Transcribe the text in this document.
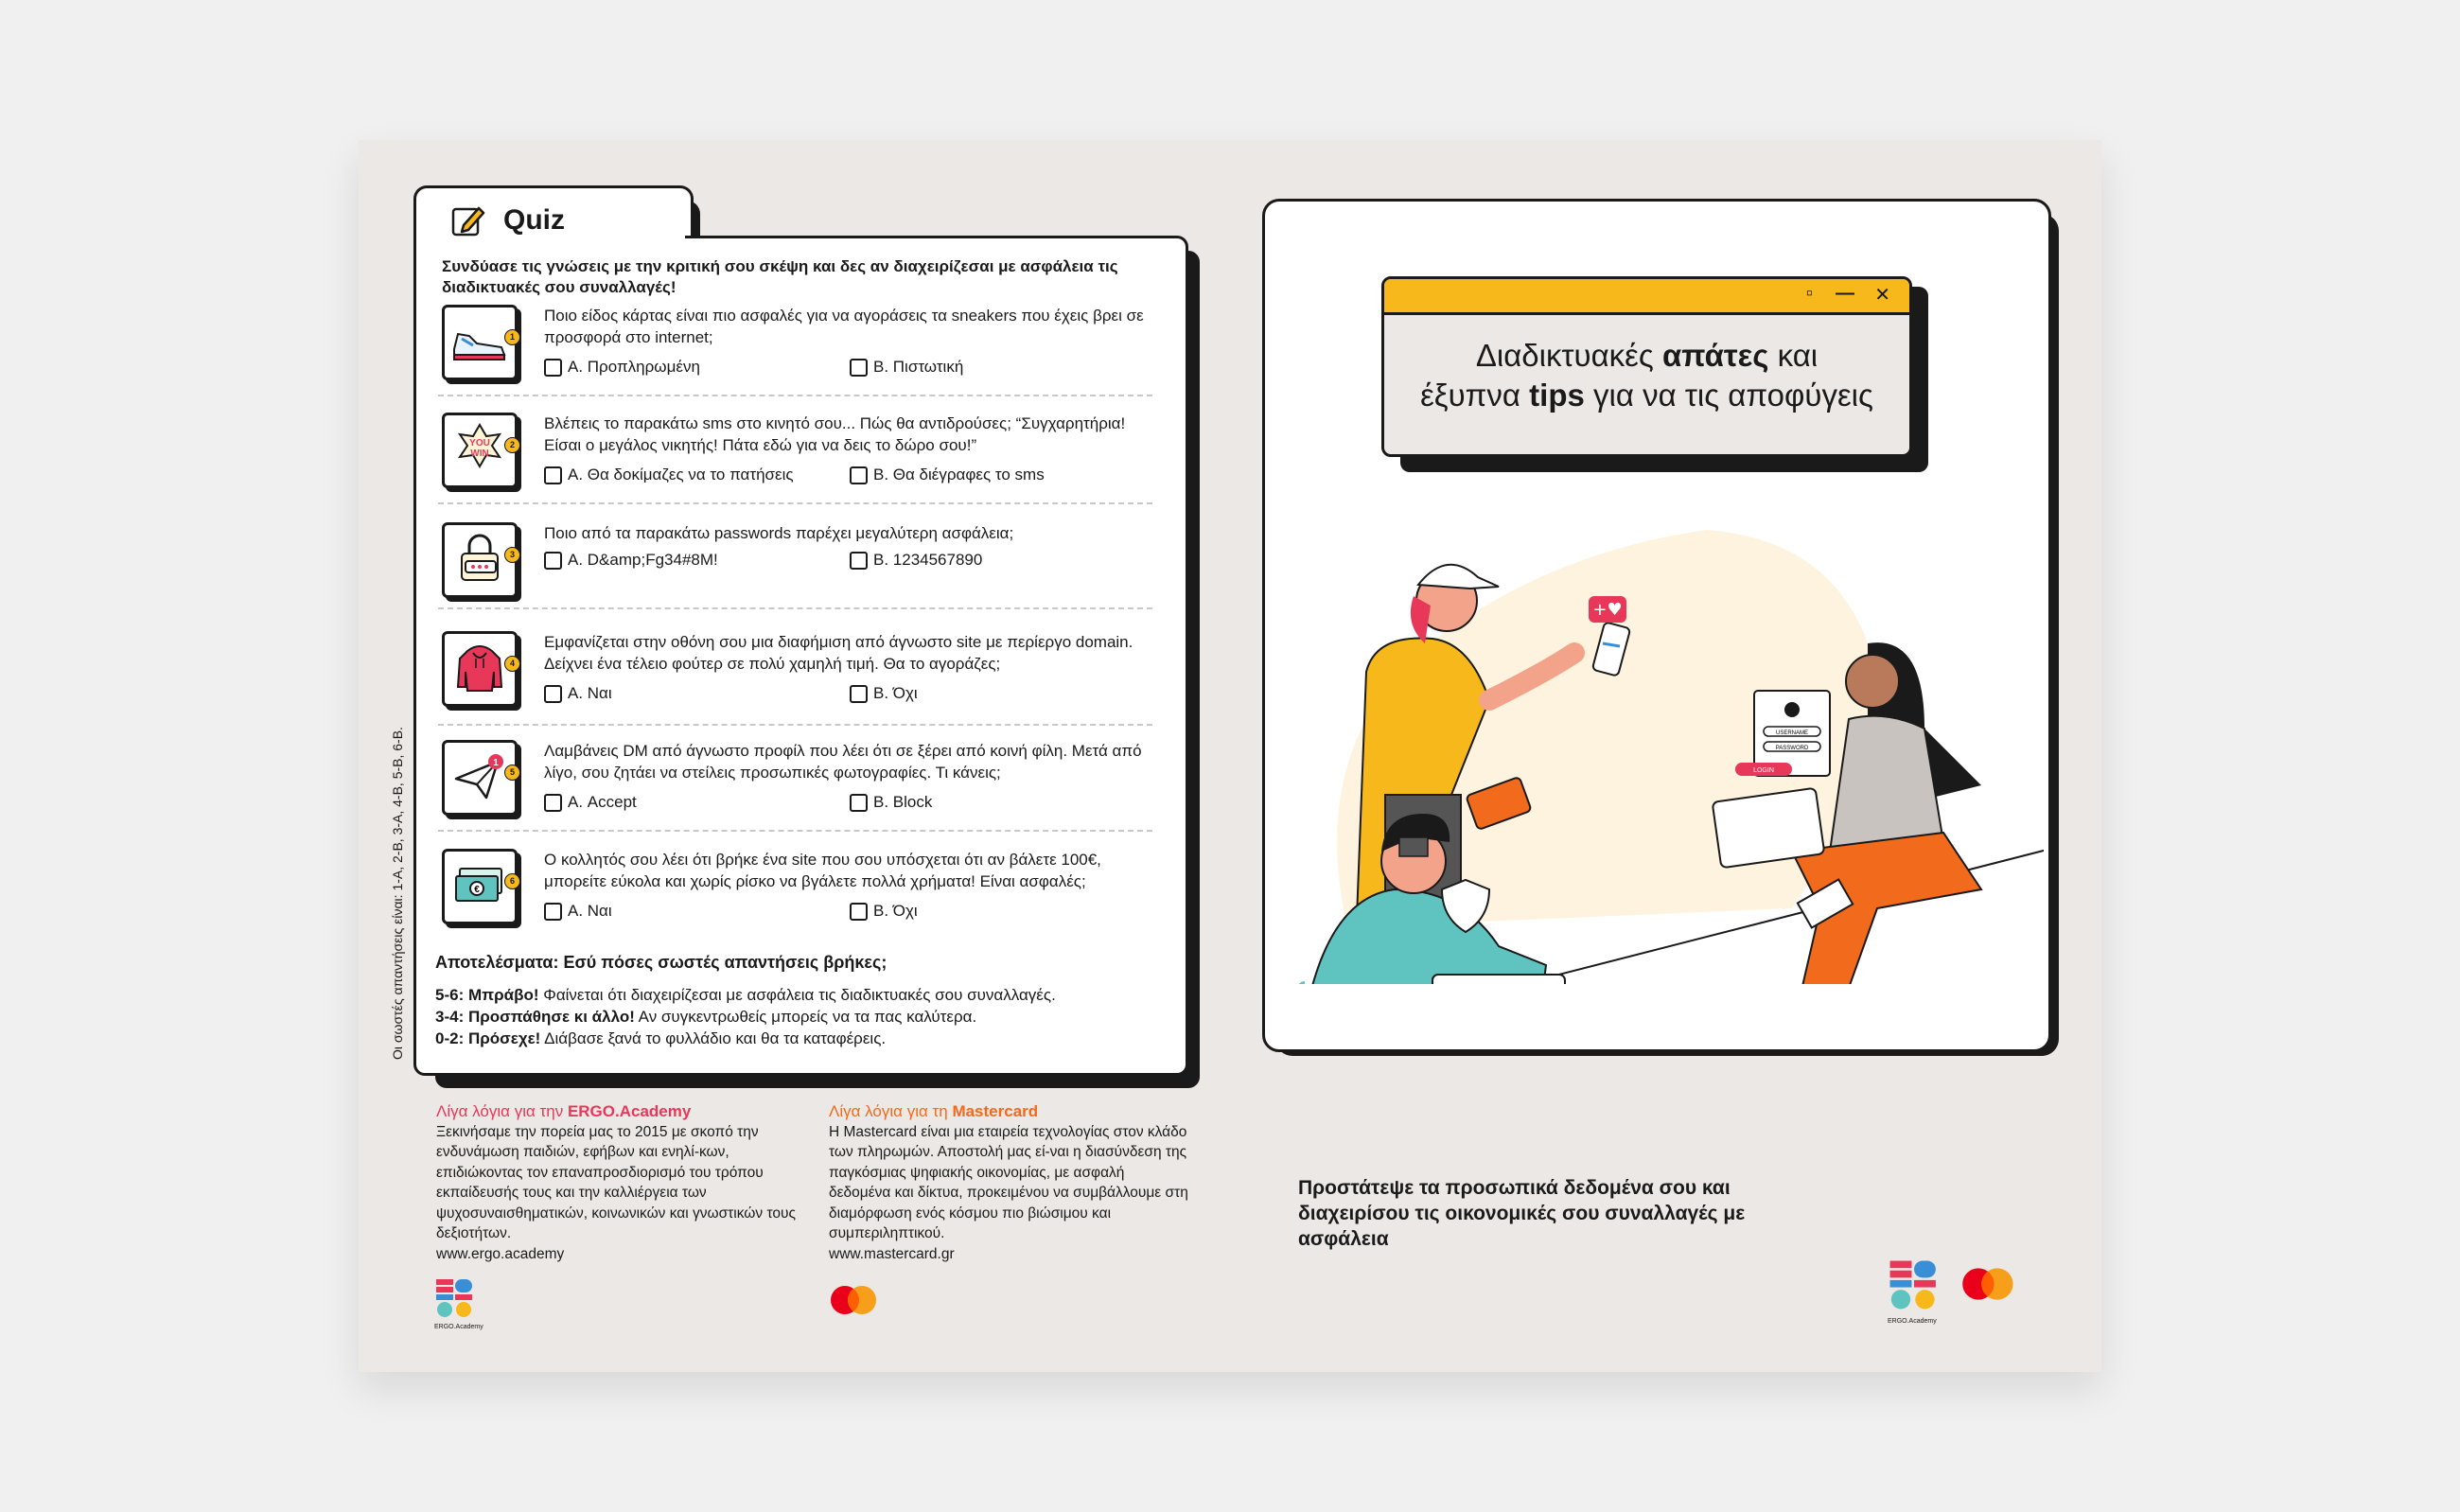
Quiz
Συνδύασε τις γνώσεις με την κριτική σου σκέψη και δες αν διαχειρίζεσαι με ασφάλεια τις διαδικτυακές σου συναλλαγές!
1
Ποιο είδος κάρτας είναι πιο ασφαλές για να αγοράσεις τα sneakers που έχεις βρει σε προσφορά στο internet;
Α. Προπληρωμένη	Β. Πιστωτική
YOU
WIN
2
Βλέπεις το παρακάτω sms στο κινητό σου... Πώς θα αντιδρούσες; “Συγχαρητήρια! Είσαι ο μεγάλος νικητής! Πάτα εδώ για να δεις το δώρο σου!”
Α. Θα δοκίμαζες να το πατήσεις	Β. Θα διέγραφες το sms
3
Ποιο από τα παρακάτω passwords παρέχει μεγαλύτερη ασφάλεια;
Α. D&amp;Fg34#8M!	Β. 1234567890
4
Εμφανίζεται στην οθόνη σου μια διαφήμιση από άγνωστο site με περίεργο domain. Δείχνει ένα τέλειο φούτερ σε πολύ χαμηλή τιμή. Θα το αγοράζες;
Α. Ναι	Β. Όχι
1
5
Λαμβάνεις DM από άγνωστο προφίλ που λέει ότι σε ξέρει από κοινή φίλη. Μετά από λίγο, σου ζητάει να στείλεις προσωπικές φωτογραφίες. Τι κάνεις;
Α. Accept	Β. Block
€
6
Ο κολλητός σου λέει ότι βρήκε ένα site που σου υπόσχεται ότι αν βάλετε 100€, μπορείτε εύκολα και χωρίς ρίσκο να βγάλετε πολλά χρήματα! Είναι ασφαλές;
Α. Ναι	Β. Όχι
Αποτελέσματα: Εσύ πόσες σωστές απαντήσεις βρήκες;
5-6: Μπράβο! Φαίνεται ότι διαχειρίζεσαι με ασφάλεια τις διαδικτυακές σου συναλλαγές.
3-4: Προσπάθησε κι άλλο! Αν συγκεντρωθείς μπορείς να τα πας καλύτερα.
0-2: Πρόσεχε! Διάβασε ξανά το φυλλάδιο και θα τα καταφέρεις.
Οι σωστές απαντήσεις είναι: 1-Α, 2-Β, 3-Α, 4-Β, 5-Β, 6-Β.
Λίγα λόγια για την ERGO.Academy
Ξεκινήσαμε την πορεία μας το 2015 με σκοπό την ενδυνάμωση παιδιών, εφήβων και ενηλί-κων, επιδιώκοντας τον επαναπροσδιορισμό του τρόπου εκπαίδευσής τους και την καλλιέργεια των ψυχοσυναισθηματικών, κοινωνικών και γνωστικών τους δεξιοτήτων.
www.ergo.academy
ERGO.Academy
Λίγα λόγια για τη Mastercard
Η Mastercard είναι μια εταιρεία τεχνολογίας στον κλάδο των πληρωμών. Αποστολή μας εί-ναι η διασύνδεση της παγκόσμιας ψηφιακής οικονομίας, με ασφαλή δεδομένα και δίκτυα, προκειμένου να συμβάλλουμε στη διαμόρφωση ενός κόσμου πιο βιώσιμου και συμπεριληπτικού.
www.mastercard.gr
+♥
USERNAME
PASSWORD
LOGIN
▫ — ✕
Διαδικτυακές απάτες και
έξυπνα tips για να τις αποφύγεις
Προστάτεψε τα προσωπικά δεδομένα σου και διαχειρίσου τις οικονομικές σου συναλλαγές με ασφάλεια
ERGO.Academy
